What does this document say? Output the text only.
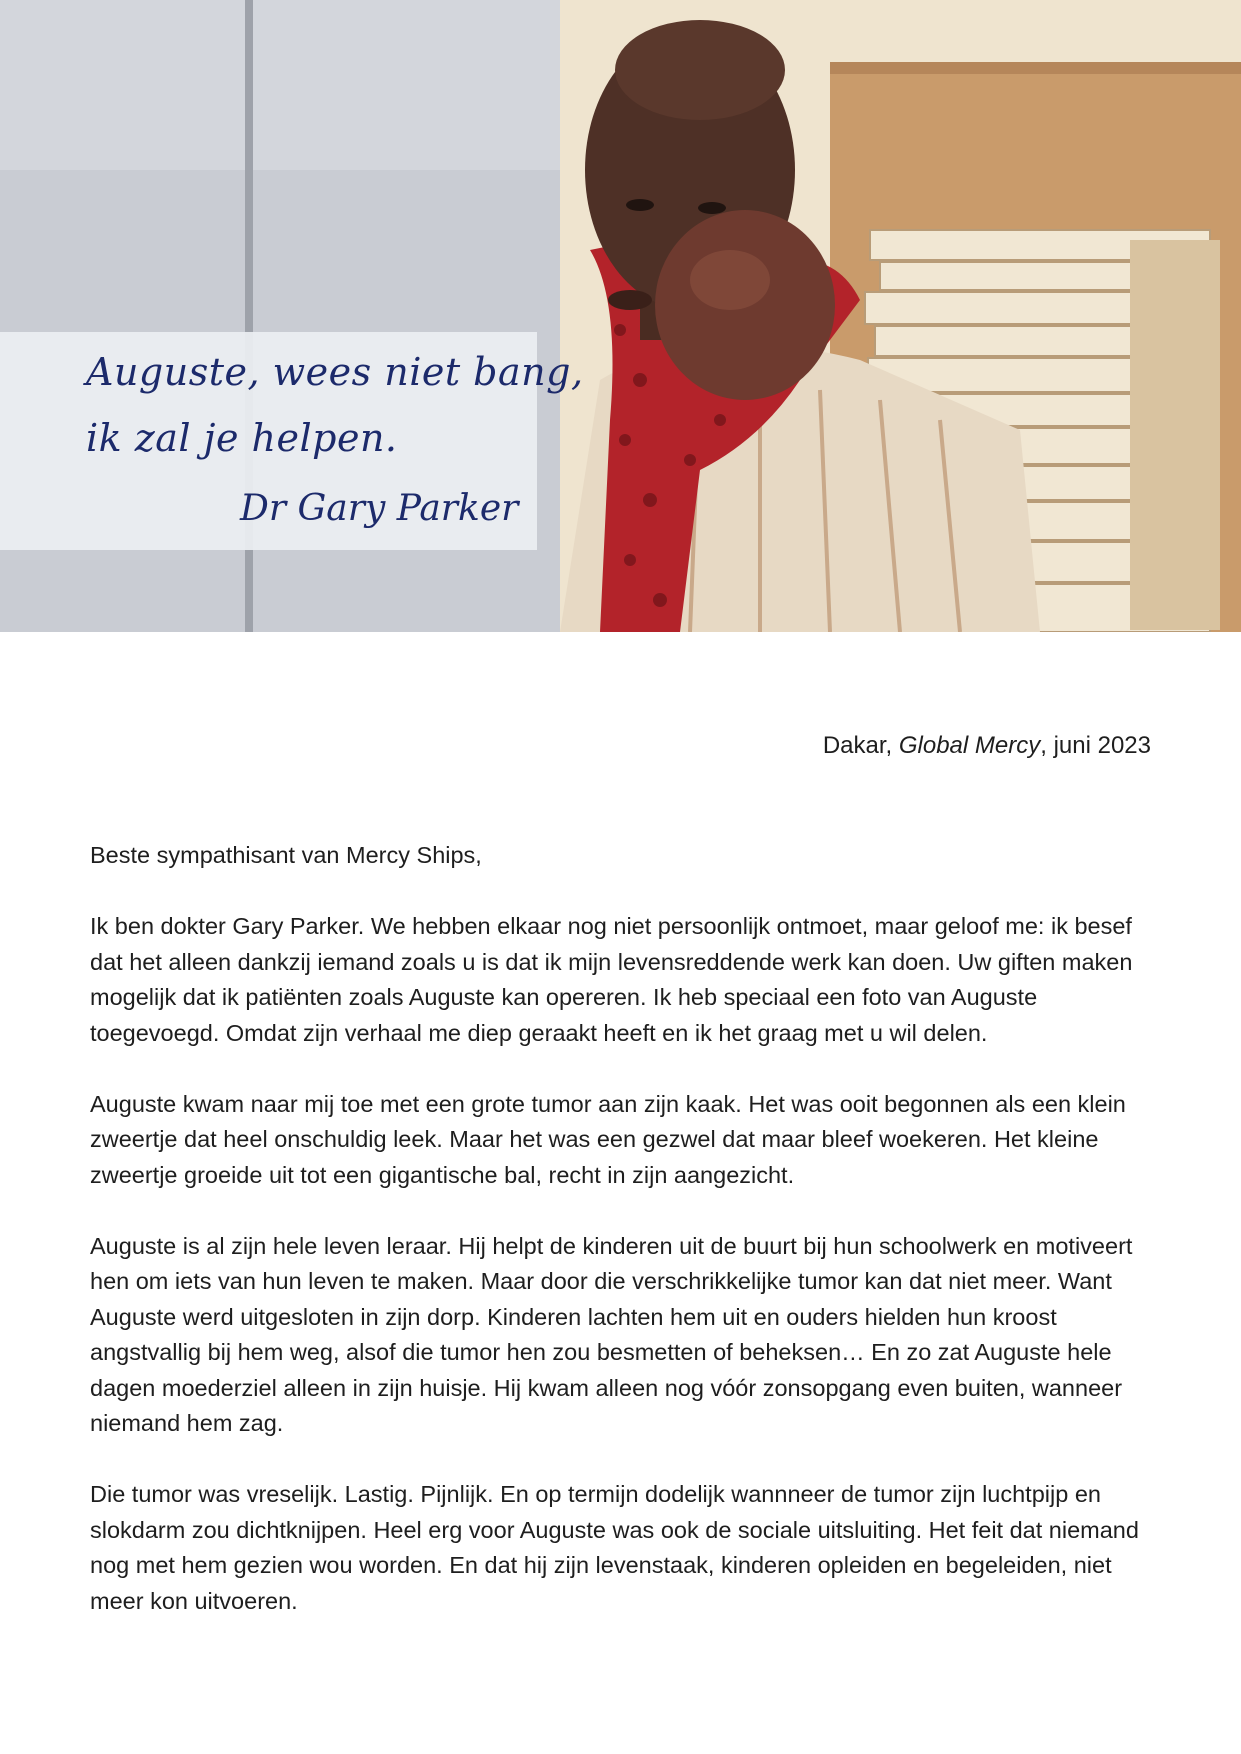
Auguste, wees niet bang,
ik zal je helpen.
Dr Gary Parker
Dakar, Global Mercy, juni 2023

Beste sympathisant van Mercy Ships,

Ik ben dokter Gary Parker. We hebben elkaar nog niet persoonlijk ontmoet, maar geloof me: ik besef dat het alleen dankzij iemand zoals u is dat ik mijn levensreddende werk kan doen. Uw giften maken mogelijk dat ik patiënten zoals Auguste kan opereren. Ik heb speciaal een foto van Auguste toegevoegd. Omdat zijn verhaal me diep geraakt heeft en ik het graag met u wil delen.

Auguste kwam naar mij toe met een grote tumor aan zijn kaak. Het was ooit begonnen als een klein zweertje dat heel onschuldig leek. Maar het was een gezwel dat maar bleef woekeren. Het kleine zweertje groeide uit tot een gigantische bal, recht in zijn aangezicht.

Auguste is al zijn hele leven leraar. Hij helpt de kinderen uit de buurt bij hun schoolwerk en motiveert hen om iets van hun leven te maken. Maar door die verschrikkelijke tumor kan dat niet meer. Want Auguste werd uitgesloten in zijn dorp. Kinderen lachten hem uit en ouders hielden hun kroost angstvallig bij hem weg, alsof die tumor hen zou besmetten of beheksen… En zo zat Auguste hele dagen moederziel alleen in zijn huisje. Hij kwam alleen nog vóór zonsopgang even buiten, wanneer niemand hem zag.

Die tumor was vreselijk. Lastig. Pijnlijk. En op termijn dodelijk wannneer de tumor zijn luchtpijp en slokdarm zou dichtknijpen. Heel erg voor Auguste was ook de sociale uitsluiting. Het feit dat niemand nog met hem gezien wou worden. En dat hij zijn levenstaak, kinderen opleiden en begeleiden, niet meer kon uitvoeren.
